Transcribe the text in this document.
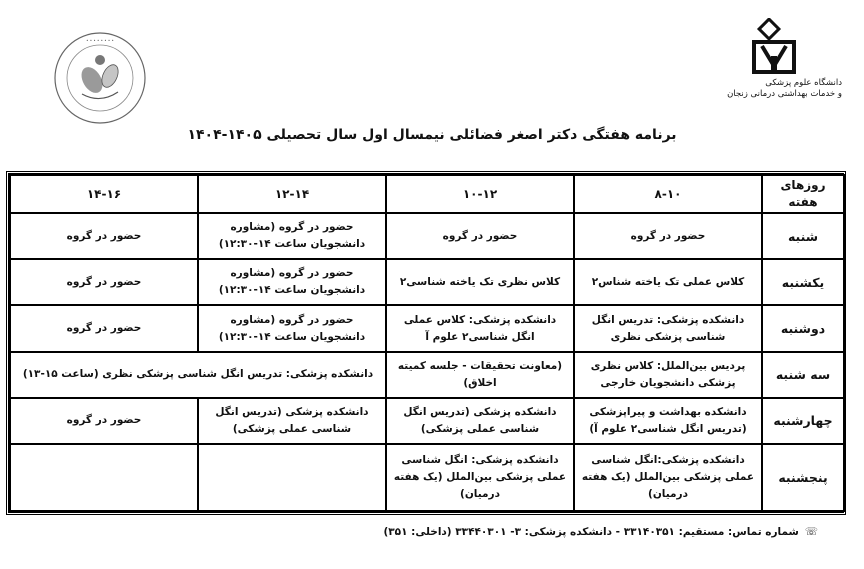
• • • • • • • •
دانشگاه علوم پزشکی
و خدمات بهداشتی درمانی زنجان
برنامه هفتگی دکتر اصغر فضائلی نیمسال اول سال تحصیلی ۱۴۰۵-۱۴۰۴
روزهای هفته	۸-۱۰	۱۰-۱۲	۱۲-۱۴	۱۴-۱۶
شنبه	حضور در گروه	حضور در گروه	حضور در گروه (مشاوره دانشجویان ساعت ۱۴-۱۲:۳۰)	حضور در گروه
یکشنبه	کلاس عملی تک یاخته شناس۲	کلاس نظری تک یاخته شناسی۲	حضور در گروه (مشاوره دانشجویان ساعت ۱۴-۱۲:۳۰)	حضور در گروه
دوشنبه	دانشکده پزشکی: تدریس انگل شناسی پزشکی نظری	دانشکده پزشکی: کلاس عملی انگل شناسی۲ علوم آ	حضور در گروه (مشاوره دانشجویان ساعت ۱۴-۱۲:۳۰)	حضور در گروه
سه شنبه	پردیس بین‌الملل: کلاس نظری پزشکی دانشجویان خارجی	(معاونت تحقیقات - جلسه کمیته اخلاق)	دانشکده پزشکی: تدریس انگل شناسی پزشکی نظری (ساعت ۱۵-۱۳)	
چهارشنبه	دانشکده بهداشت و پیراپزشکی (تدریس انگل شناسی۲ علوم آ)	دانشکده پزشکی (تدریس انگل شناسی عملی پزشکی)	دانشکده پزشکی (تدریس انگل شناسی عملی پزشکی)	حضور در گروه
پنجشنبه	دانشکده پزشکی:انگل شناسی عملی پزشکی بین‌الملل (یک هفته درمیان)	دانشکده پزشکی: انگل شناسی عملی پزشکی بین‌الملل (یک هفته درمیان)		
☏شماره تماس: مستقیم: ۳۳۱۴۰۳۵۱ - دانشکده پزشکی: ۳- ۳۳۴۴۰۳۰۱ (داخلی: ۳۵۱)
